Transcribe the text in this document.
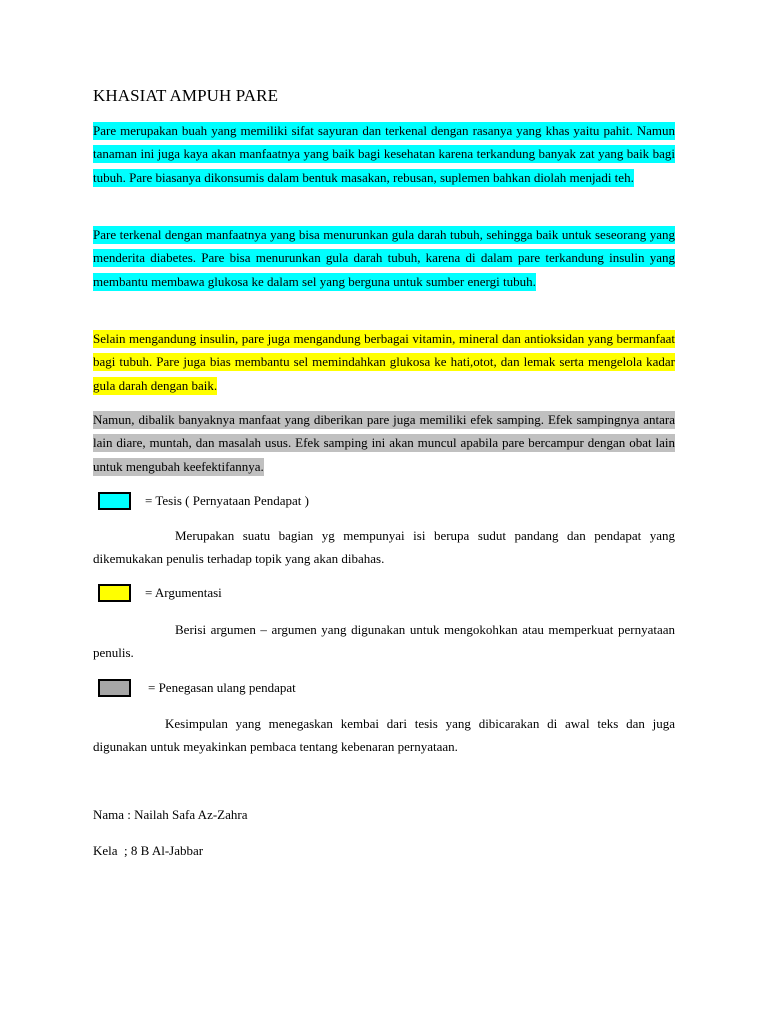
KHASIAT AMPUH PARE

Pare merupakan buah yang memiliki sifat sayuran dan terkenal dengan rasanya yang khas yaitu pahit. Namun tanaman ini juga kaya akan manfaatnya yang baik bagi kesehatan karena terkandung banyak zat yang baik bagi tubuh. Pare biasanya dikonsumis dalam bentuk masakan, rebusan, suplemen bahkan diolah menjadi teh.

Pare terkenal dengan manfaatnya yang bisa menurunkan gula darah tubuh, sehingga baik untuk seseorang yang menderita diabetes. Pare bisa menurunkan gula darah tubuh, karena di dalam pare terkandung insulin yang membantu membawa glukosa ke dalam sel yang berguna untuk sumber energi tubuh.

Selain mengandung insulin, pare juga mengandung berbagai vitamin, mineral dan antioksidan yang bermanfaat bagi tubuh. Pare juga bias membantu sel memindahkan glukosa ke hati,otot, dan lemak serta mengelola kadar gula darah dengan baik.

Namun, dibalik banyaknya manfaat yang diberikan pare juga memiliki efek samping. Efek sampingnya antara lain diare, muntah, dan masalah usus. Efek samping ini akan muncul apabila pare bercampur dengan obat lain untuk mengubah keefektifannya.

= Tesis ( Pernyataan Pendapat )

Merupakan suatu bagian yg mempunyai isi berupa sudut pandang dan pendapat yang dikemukakan penulis terhadap topik yang akan dibahas.

= Argumentasi

Berisi argumen – argumen yang digunakan untuk mengokohkan atau memperkuat pernyataan penulis.

= Penegasan ulang pendapat

Kesimpulan yang menegaskan kembai dari tesis yang dibicarakan di awal teks dan juga digunakan untuk meyakinkan pembaca tentang kebenaran pernyataan.

Nama : Nailah Safa Az-Zahra

Kela  ; 8 B Al-Jabbar
